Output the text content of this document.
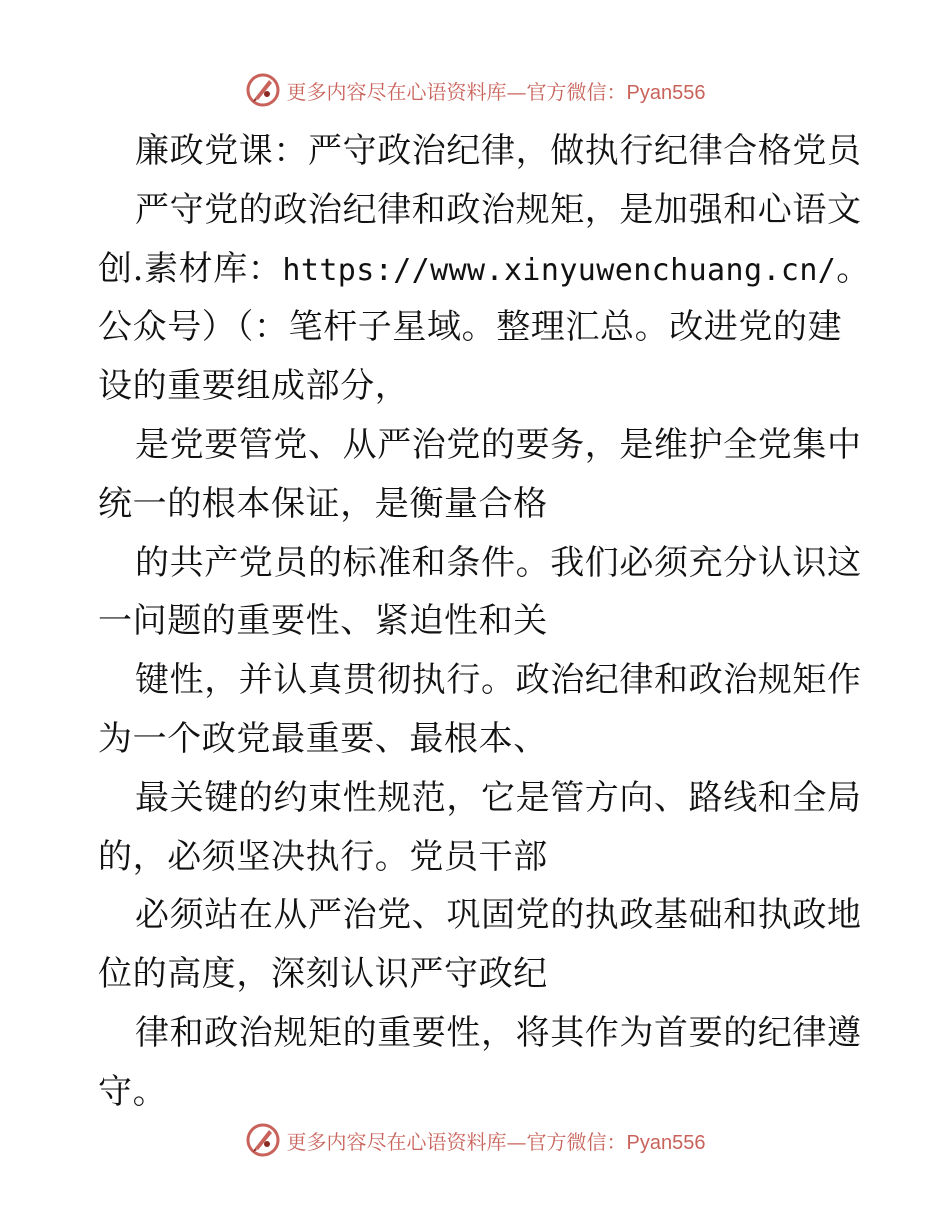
更多内容尽在心语资料库—官方微信：Pyan556
廉政党课：严守政治纪律，做执行纪律合格党员
严守党的政治纪律和政治规矩，是加强和心语文
创.素材库：https://www.xinyuwenchuang.cn/。
公众号）（：笔杆子星域。整理汇总。改进党的建
设的重要组成部分，
是党要管党、从严治党的要务，是维护全党集中
统一的根本保证，是衡量合格
的共产党员的标准和条件。我们必须充分认识这
一问题的重要性、紧迫性和关
键性，并认真贯彻执行。政治纪律和政治规矩作
为一个政党最重要、最根本、
最关键的约束性规范，它是管方向、路线和全局
的，必须坚决执行。党员干部
必须站在从严治党、巩固党的执政基础和执政地
位的高度，深刻认识严守政纪
律和政治规矩的重要性，将其作为首要的纪律遵
守。
更多内容尽在心语资料库—官方微信：Pyan556
